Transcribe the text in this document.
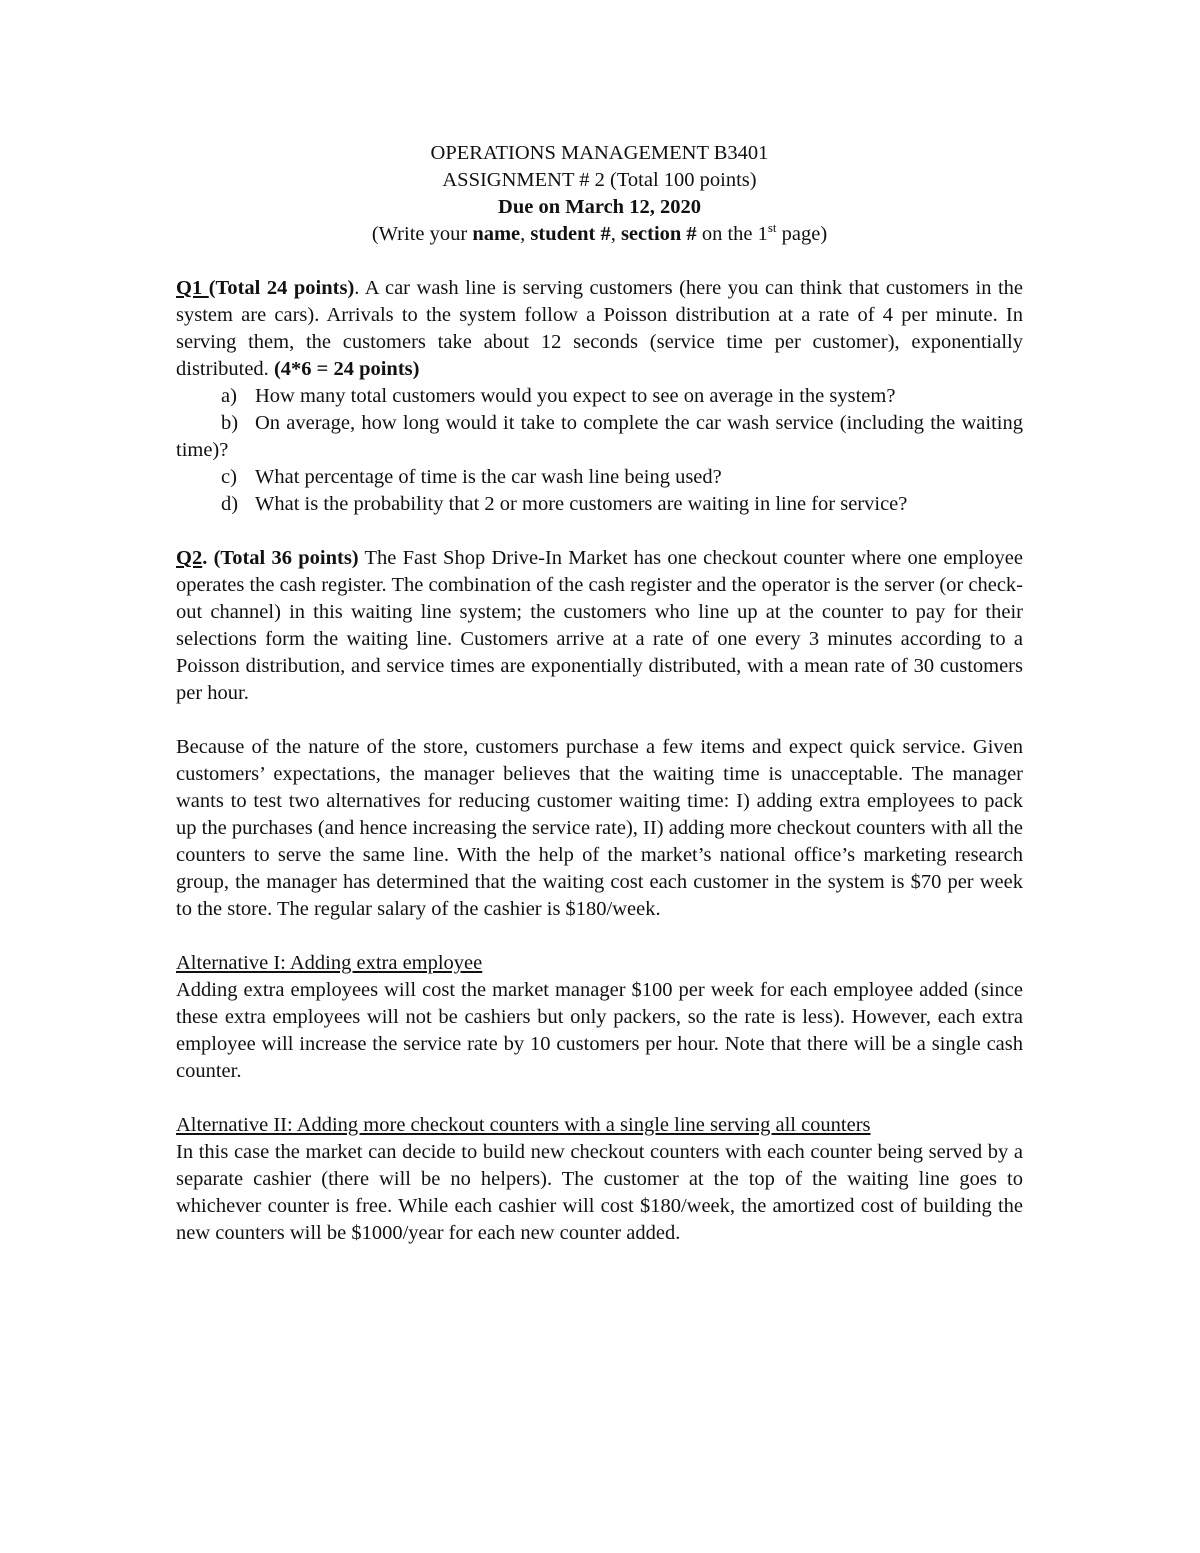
OPERATIONS MANAGEMENT B3401
ASSIGNMENT # 2 (Total 100 points)
Due on March 12, 2020
(Write your name, student #, section # on the 1st page)

Q1 (Total 24 points). A car wash line is serving customers (here you can think that customers in the system are cars). Arrivals to the system follow a Poisson distribution at a rate of 4 per minute. In serving them, the customers take about 12 seconds (service time per customer), exponentially distributed. (4*6 = 24 points)

a) How many total customers would you expect to see on average in the system?
b) On average, how long would it take to complete the car wash service (including the waiting time)?
c) What percentage of time is the car wash line being used?
d) What is the probability that 2 or more customers are waiting in line for service?

Q2. (Total 36 points) The Fast Shop Drive-In Market has one checkout counter where one employee operates the cash register. The combination of the cash register and the operator is the server (or check-out channel) in this waiting line system; the customers who line up at the counter to pay for their selections form the waiting line. Customers arrive at a rate of one every 3 minutes according to a Poisson distribution, and service times are exponentially distributed, with a mean rate of 30 customers per hour.

Because of the nature of the store, customers purchase a few items and expect quick service. Given customers’ expectations, the manager believes that the waiting time is unacceptable. The manager wants to test two alternatives for reducing customer waiting time: I) adding extra employees to pack up the purchases (and hence increasing the service rate), II) adding more checkout counters with all the counters to serve the same line. With the help of the market’s national office’s marketing research group, the manager has determined that the waiting cost each customer in the system is $70 per week to the store. The regular salary of the cashier is $180/week.

Alternative I: Adding extra employee

Adding extra employees will cost the market manager $100 per week for each employee added (since these extra employees will not be cashiers but only packers, so the rate is less). However, each extra employee will increase the service rate by 10 customers per hour. Note that there will be a single cash counter.

Alternative II: Adding more checkout counters with a single line serving all counters

In this case the market can decide to build new checkout counters with each counter being served by a separate cashier (there will be no helpers). The customer at the top of the waiting line goes to whichever counter is free. While each cashier will cost $180/week, the amortized cost of building the new counters will be $1000/year for each new counter added.
